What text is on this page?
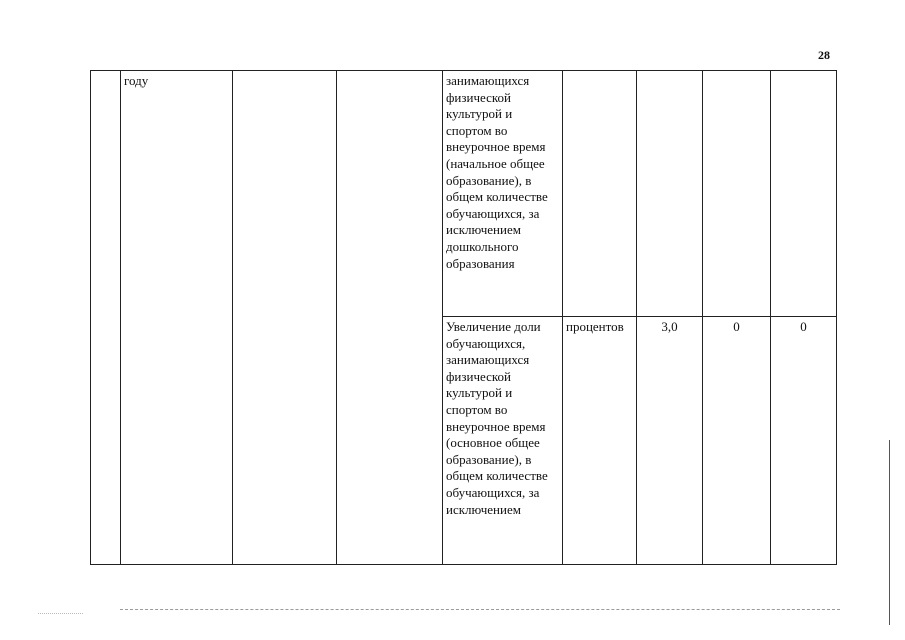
28
	году			занимающихся физической культурой и спортом во внеурочное время (начальное общее образование), в общем количестве обучающихся, за исключением дошкольного образования				
				Увеличение доли обучающихся, занимающихся физической культурой и спортом во внеурочное время (основное общее образование), в общем количестве обучающихся, за исключением	процентов	3,0	0	0
